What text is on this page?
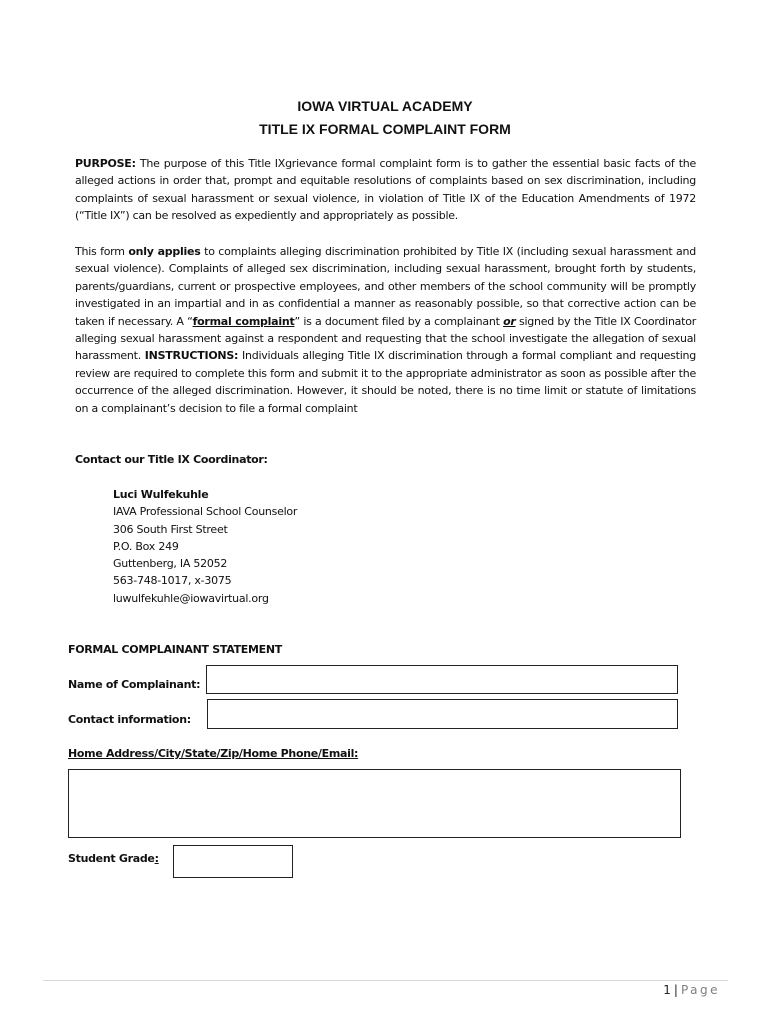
IOWA VIRTUAL ACADEMY
TITLE IX FORMAL COMPLAINT FORM
PURPOSE: The purpose of this Title IXgrievance formal complaint form is to gather the essential basic facts of the alleged actions in order that, prompt and equitable resolutions of complaints based on sex discrimination, including complaints of sexual harassment or sexual violence, in violation of Title IX of the Education Amendments of 1972 (“Title IX”) can be resolved as expediently and appropriately as possible.
This form only applies to complaints alleging discrimination prohibited by Title IX (including sexual harassment and sexual violence). Complaints of alleged sex discrimination, including sexual harassment, brought forth by students, parents/guardians, current or prospective employees, and other members of the school community will be promptly investigated in an impartial and in as confidential a manner as reasonably possible, so that corrective action can be taken if necessary. A “formal complaint” is a document filed by a complainant or signed by the Title IX Coordinator alleging sexual harassment against a respondent and requesting that the school investigate the allegation of sexual harassment. INSTRUCTIONS: Individuals alleging Title IX discrimination through a formal compliant and requesting review are required to complete this form and submit it to the appropriate administrator as soon as possible after the occurrence of the alleged discrimination. However, it should be noted, there is no time limit or statute of limitations on a complainant’s decision to file a formal complaint
Contact our Title IX Coordinator:
Luci Wulfekuhle
IAVA Professional School Counselor
306 South First Street
P.O. Box 249
Guttenberg, IA 52052
563-748-1017, x-3075
luwulfekuhle@iowavirtual.org
FORMAL COMPLAINANT STATEMENT
Name of Complainant:
Contact information:
Home Address/City/State/Zip/Home Phone/Email:
Student Grade:
1 | Page
